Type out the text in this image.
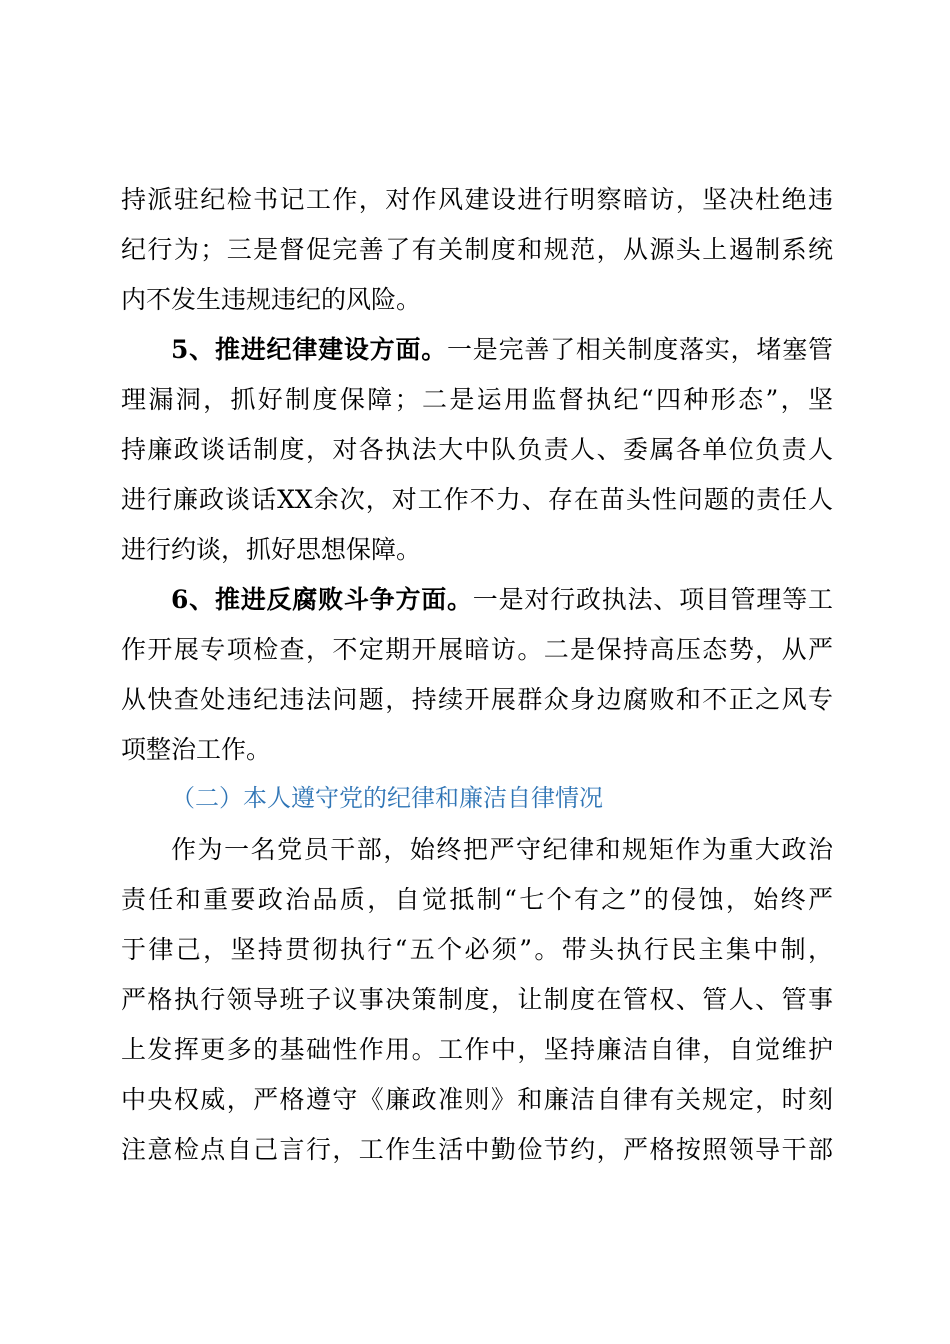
持派驻纪检书记工作，对作风建设进行明察暗访，坚决杜绝违
纪行为；三是督促完善了有关制度和规范，从源头上遏制系统
内不发生违规违纪的风险。
5、推进纪律建设方面。一是完善了相关制度落实，堵塞管
理漏洞，抓好制度保障；二是运用监督执纪“四种形态”，坚
持廉政谈话制度，对各执法大中队负责人、委属各单位负责人
进行廉政谈话XX余次，对工作不力、存在苗头性问题的责任人
进行约谈，抓好思想保障。
6、推进反腐败斗争方面。一是对行政执法、项目管理等工
作开展专项检查，不定期开展暗访。二是保持高压态势，从严
从快查处违纪违法问题，持续开展群众身边腐败和不正之风专
项整治工作。
（二）本人遵守党的纪律和廉洁自律情况
作为一名党员干部，始终把严守纪律和规矩作为重大政治
责任和重要政治品质，自觉抵制“七个有之”的侵蚀，始终严
于律己，坚持贯彻执行“五个必须”。带头执行民主集中制，
严格执行领导班子议事决策制度，让制度在管权、管人、管事
上发挥更多的基础性作用。工作中，坚持廉洁自律，自觉维护
中央权威，严格遵守《廉政准则》和廉洁自律有关规定，时刻
注意检点自己言行，工作生活中勤俭节约，严格按照领导干部
